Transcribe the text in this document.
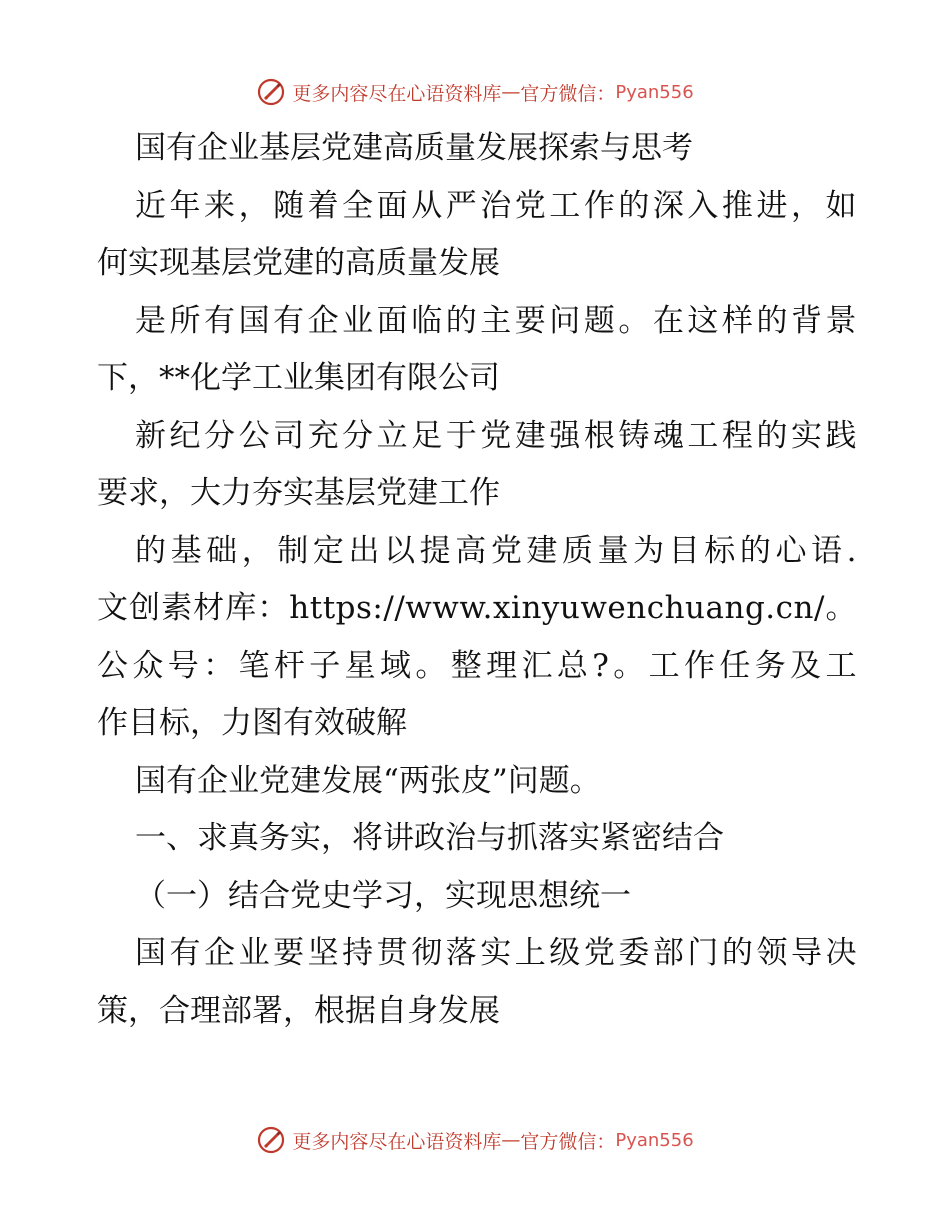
更多内容尽在心语资料库 — 官方微信： Pyan556
国有企业基层党建高质量发展探索与思考
近年来，随着全面从严治党工作的深入推进，如
何实现基层党建的高质量发展
是所有国有企业面临的主要问题。在这样的背景
下，**化学工业集团有限公司
新纪分公司充分立足于党建强根铸魂工程的实践
要求，大力夯实基层党建工作
的基础，制定出以提高党建质量为目标的心语.
文创素材库：https://www.xinyuwenchuang.cn/。
公众号：笔杆子星域。整理汇总?。工作任务及工
作目标，力图有效破解
国有企业党建发展“两张皮”问题。
一、求真务实，将讲政治与抓落实紧密结合
（一）结合党史学习，实现思想统一
国有企业要坚持贯彻落实上级党委部门的领导决
策，合理部署，根据自身发展
更多内容尽在心语资料库 — 官方微信： Pyan556
